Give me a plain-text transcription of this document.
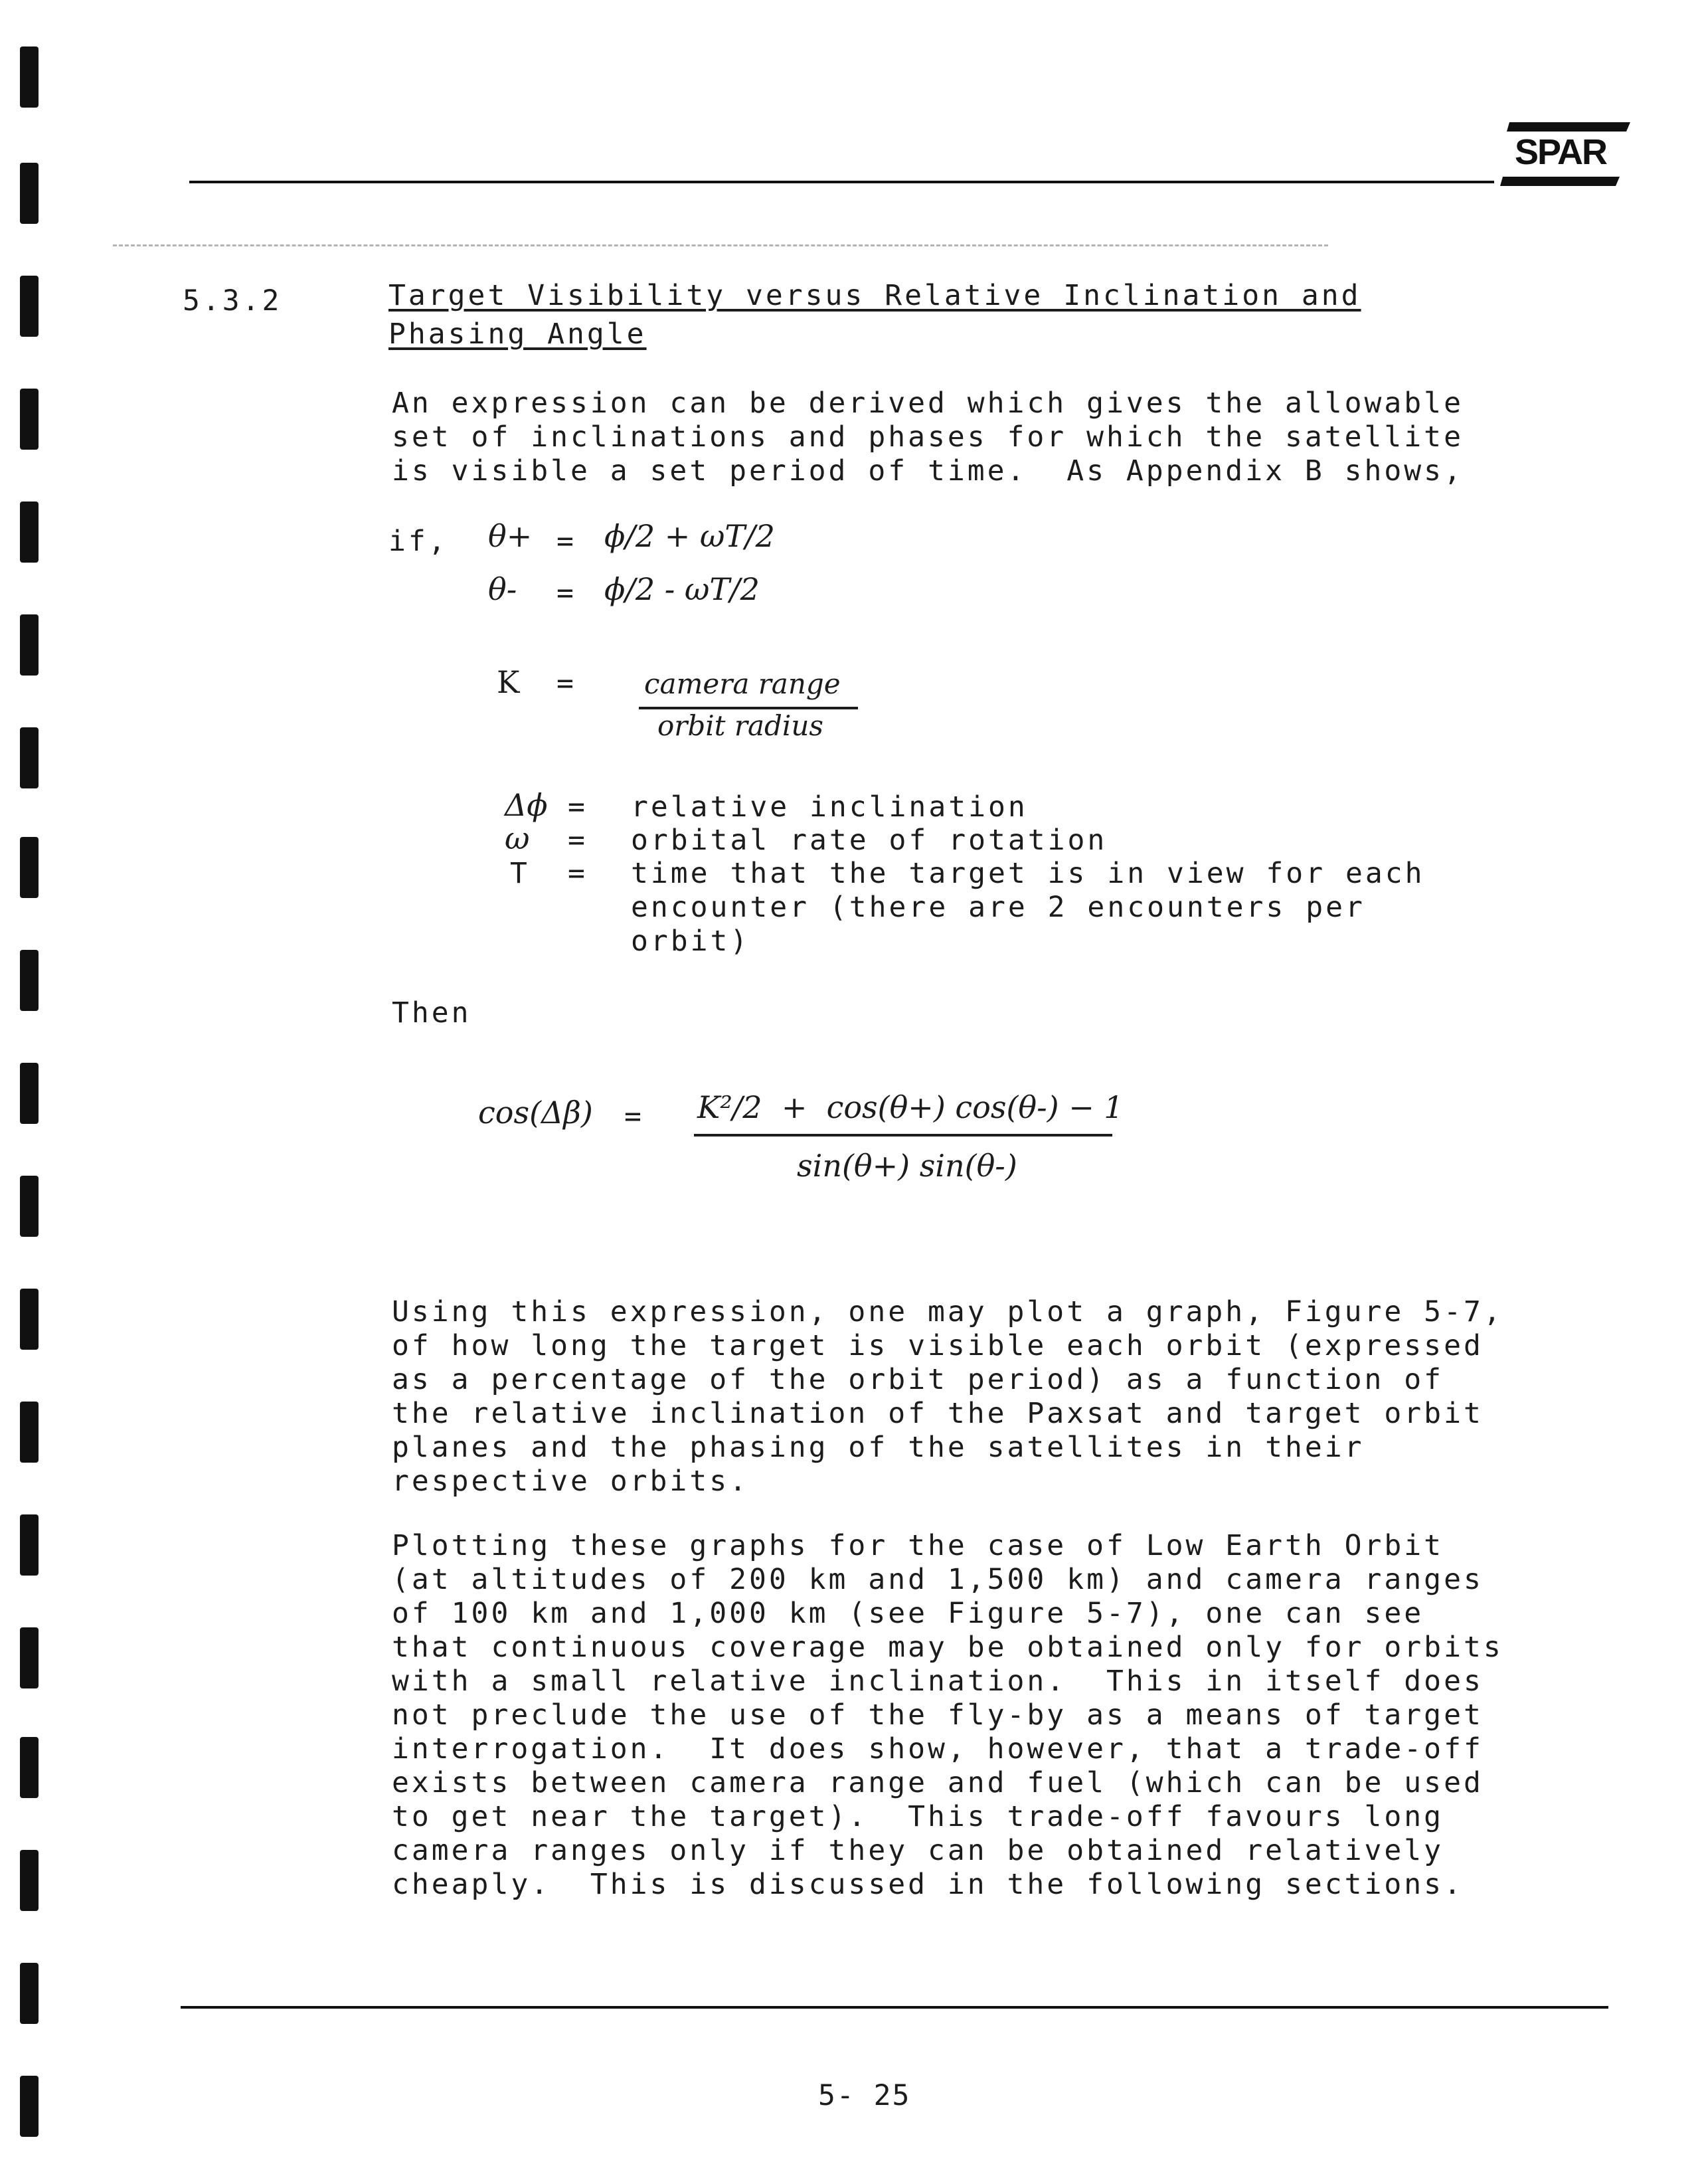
SPAR
5.3.2	Target Visibility versus Relative Inclination and
Phasing Angle
An expression can be derived which gives the allowable
set of inclinations and phases for which the satellite
is visible a set period of time.  As Appendix B shows,
if, θ+ = ϕ/2 + ωT/2
θ- = ϕ/2 - ωT/2
K = camera range
orbit radius
Δϕ = relative inclination
ω = orbital rate of rotation
T = time that the target is in view for each
encounter (there are 2 encounters per
orbit)
Then
cos(Δβ) = K²/2  +  cos(θ+) cos(θ-) − 1
sin(θ+) sin(θ-)
Using this expression, one may plot a graph, Figure 5-7,
of how long the target is visible each orbit (expressed
as a percentage of the orbit period) as a function of
the relative inclination of the Paxsat and target orbit
planes and the phasing of the satellites in their
respective orbits.
Plotting these graphs for the case of Low Earth Orbit
(at altitudes of 200 km and 1,500 km) and camera ranges
of 100 km and 1,000 km (see Figure 5-7), one can see
that continuous coverage may be obtained only for orbits
with a small relative inclination.  This in itself does
not preclude the use of the fly-by as a means of target
interrogation.  It does show, however, that a trade-off
exists between camera range and fuel (which can be used
to get near the target).  This trade-off favours long
camera ranges only if they can be obtained relatively
cheaply.  This is discussed in the following sections.
5- 25
